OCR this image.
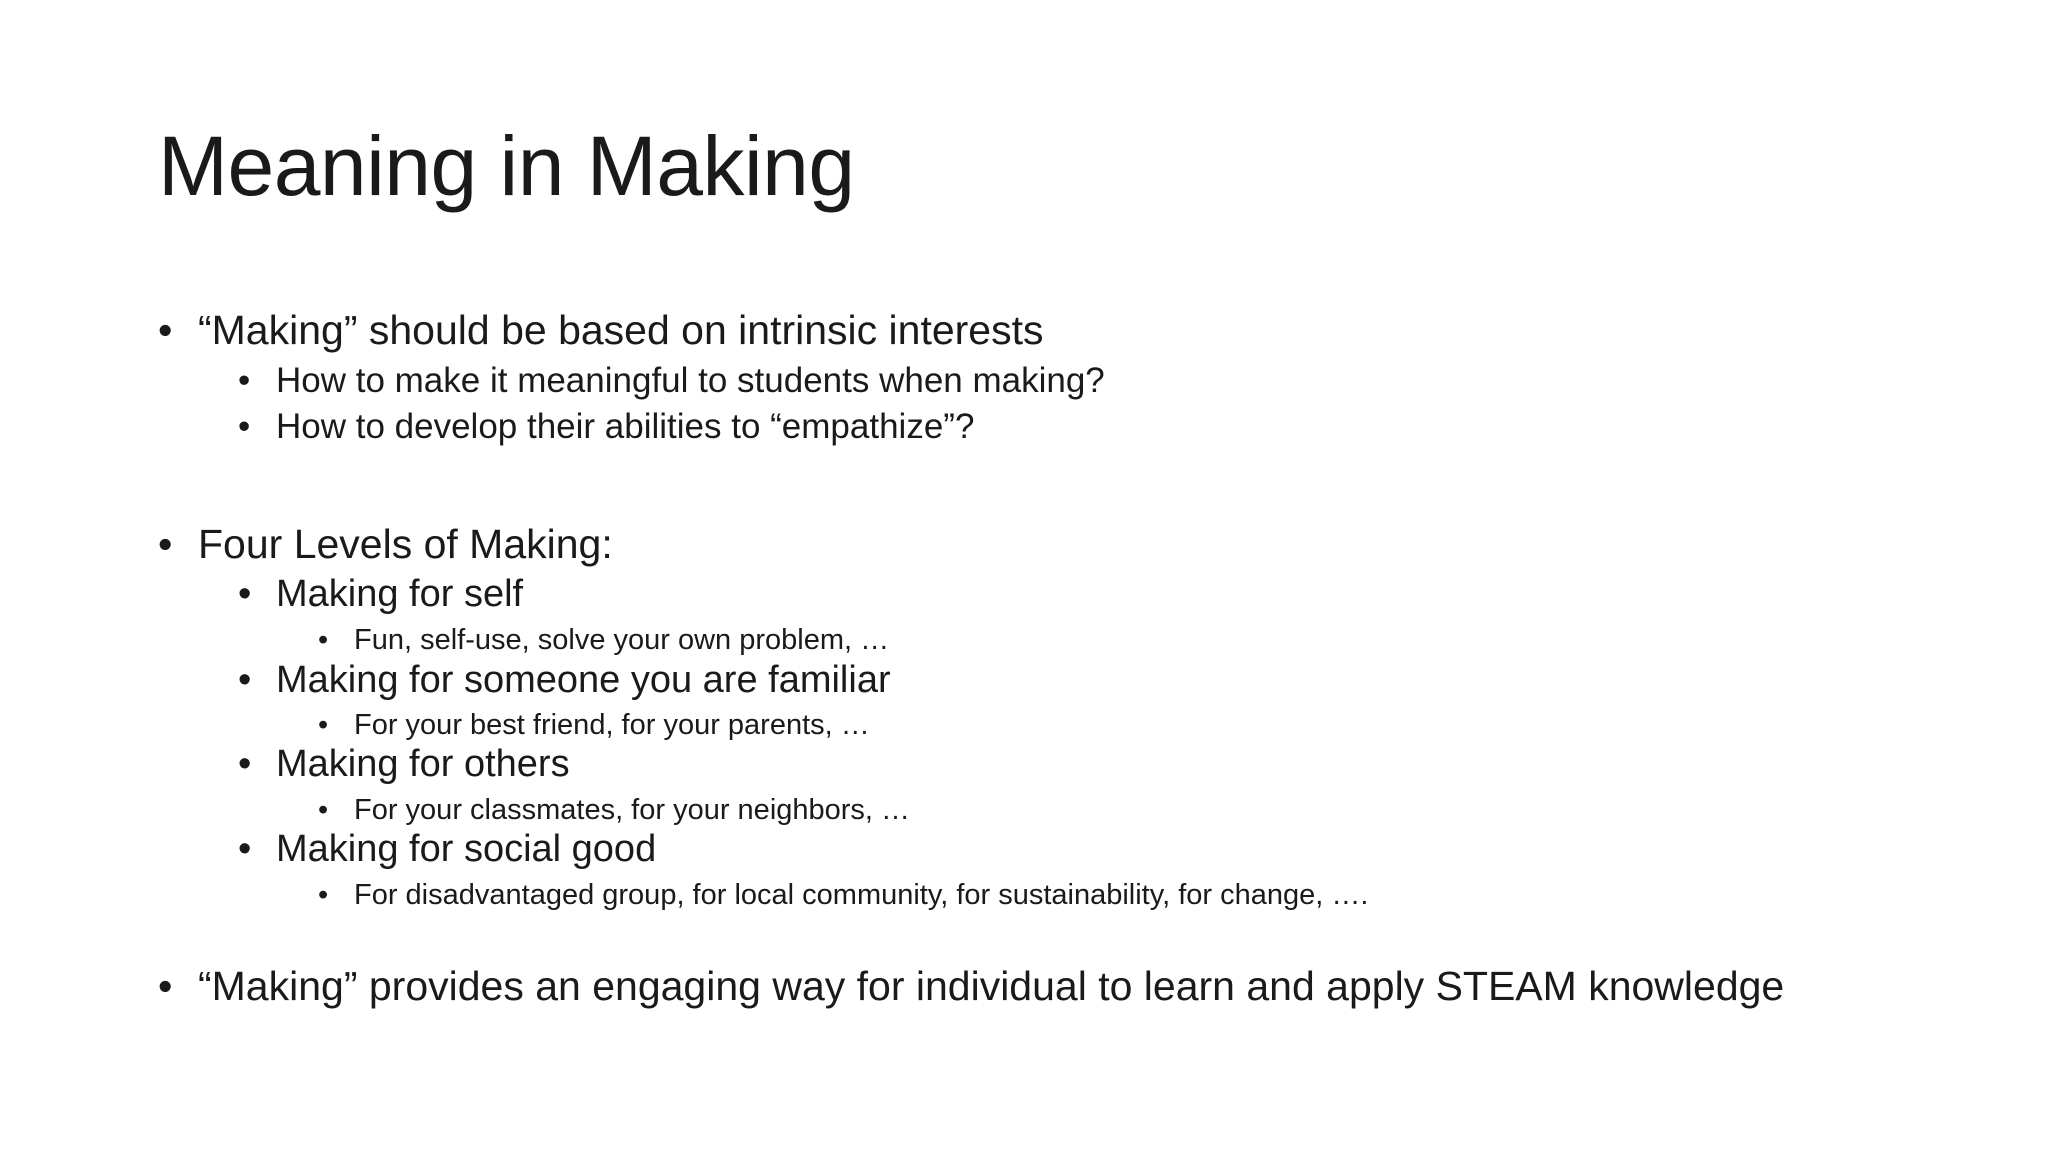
Meaning in Making
• “Making” should be based on intrinsic interests
• How to make it meaningful to students when making?
• How to develop their abilities to “empathize”?
• Four Levels of Making:
• Making for self
• Fun, self-use, solve your own problem, …
• Making for someone you are familiar
• For your best friend, for your parents, …
• Making for others
• For your classmates, for your neighbors, …
• Making for social good
• For disadvantaged group, for local community, for sustainability, for change, ….
• “Making” provides an engaging way for individual to learn and apply STEAM knowledge
